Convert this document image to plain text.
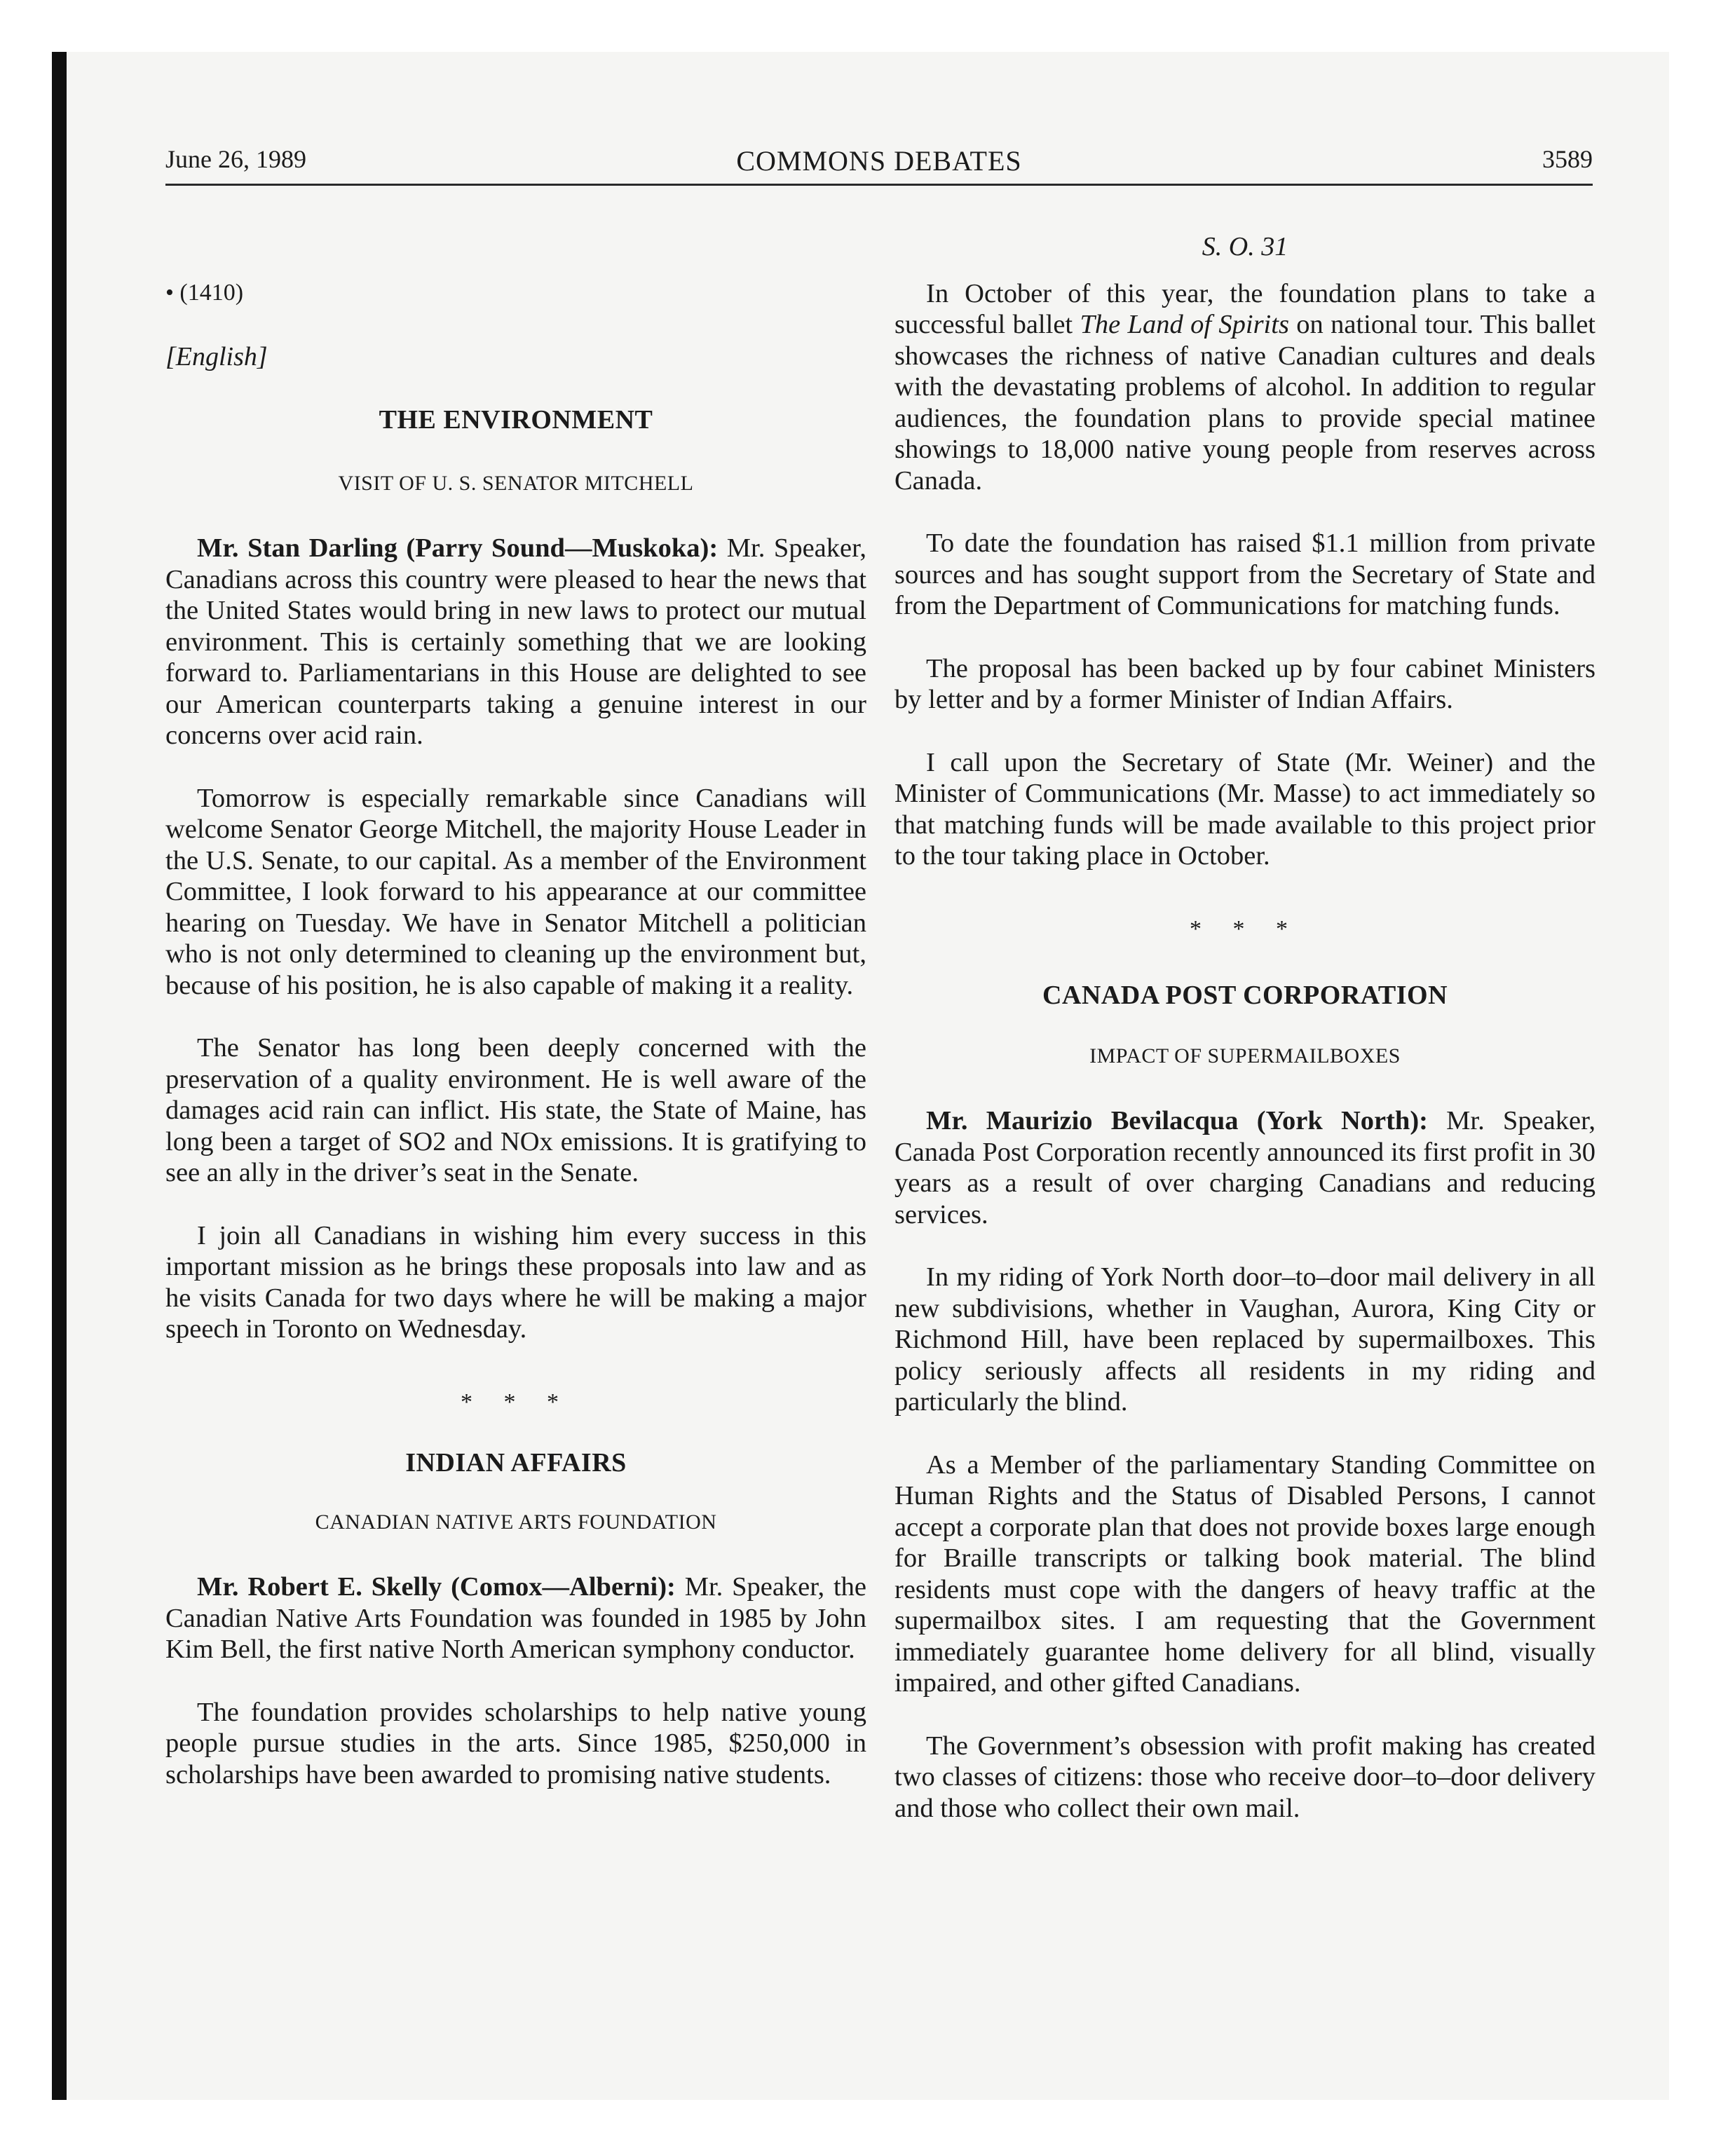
June 26, 1989	COMMONS DEBATES	3589
• (1410)
[English]
THE ENVIRONMENT
VISIT OF U. S. SENATOR MITCHELL

Mr. Stan Darling (Parry Sound—Muskoka): Mr. Speaker, Canadians across this country were pleased to hear the news that the United States would bring in new laws to protect our mutual environment. This is certainly something that we are looking forward to. Parliamentarians in this House are delighted to see our American counterparts taking a genuine interest in our concerns over acid rain.

Tomorrow is especially remarkable since Canadians will welcome Senator George Mitchell, the majority House Leader in the U.S. Senate, to our capital. As a member of the Environment Committee, I look forward to his appearance at our committee hearing on Tuesday. We have in Senator Mitchell a politician who is not only determined to cleaning up the environment but, because of his position, he is also capable of making it a reality.

The Senator has long been deeply concerned with the preservation of a quality environment. He is well aware of the damages acid rain can inflict. His state, the State of Maine, has long been a target of SO2 and NOx emissions. It is gratifying to see an ally in the driver’s seat in the Senate.

I join all Canadians in wishing him every success in this important mission as he brings these proposals into law and as he visits Canada for two days where he will be making a major speech in Toronto on Wednesday.

* * *
INDIAN AFFAIRS
CANADIAN NATIVE ARTS FOUNDATION

Mr. Robert E. Skelly (Comox—Alberni): Mr. Speaker, the Canadian Native Arts Foundation was founded in 1985 by John Kim Bell, the first native North American symphony conductor.

The foundation provides scholarships to help native young people pursue studies in the arts. Since 1985, $250,000 in scholarships have been awarded to promising native students.

S. O. 31

In October of this year, the foundation plans to take a successful ballet The Land of Spirits on national tour. This ballet showcases the richness of native Canadian cultures and deals with the devastating problems of alcohol. In addition to regular audiences, the foundation plans to provide special matinee showings to 18,000 native young people from reserves across Canada.

To date the foundation has raised $1.1 million from private sources and has sought support from the Secretary of State and from the Department of Communications for matching funds.

The proposal has been backed up by four cabinet Ministers by letter and by a former Minister of Indian Affairs.

I call upon the Secretary of State (Mr. Weiner) and the Minister of Communications (Mr. Masse) to act immediately so that matching funds will be made available to this project prior to the tour taking place in October.

* * *
CANADA POST CORPORATION
IMPACT OF SUPERMAILBOXES

Mr. Maurizio Bevilacqua (York North): Mr. Speaker, Canada Post Corporation recently announced its first profit in 30 years as a result of over charging Canadians and reducing services.

In my riding of York North door–to–door mail delivery in all new subdivisions, whether in Vaughan, Aurora, King City or Richmond Hill, have been replaced by supermailboxes. This policy seriously affects all residents in my riding and particularly the blind.

As a Member of the parliamentary Standing Committee on Human Rights and the Status of Disabled Persons, I cannot accept a corporate plan that does not provide boxes large enough for Braille transcripts or talking book material. The blind residents must cope with the dangers of heavy traffic at the supermailbox sites. I am requesting that the Government immediately guarantee home delivery for all blind, visually impaired, and other gifted Canadians.

The Government’s obsession with profit making has created two classes of citizens: those who receive door–to–door delivery and those who collect their own mail.
